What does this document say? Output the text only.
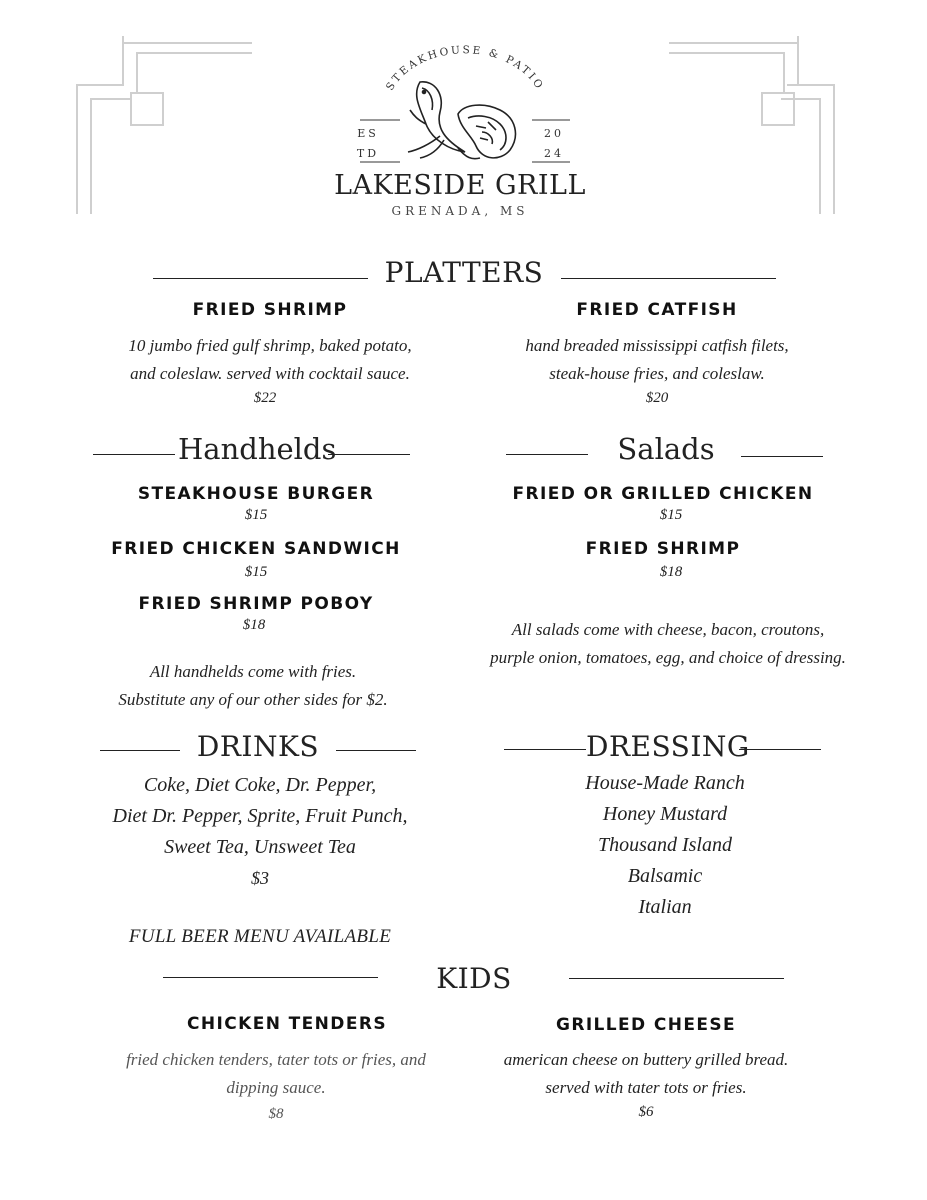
STEAKHOUSE & PATIO
ES
TD
20
24
LAKESIDE GRILL
GRENADA, MS
PLATTERS
FRIED SHRIMP
10 jumbo fried gulf shrimp, baked potato,
and coleslaw. served with cocktail sauce.
$22
FRIED CATFISH
hand breaded mississippi catfish filets,
steak-house fries, and coleslaw.
$20
Handhelds
STEAKHOUSE BURGER
$15
FRIED CHICKEN SANDWICH
$15
FRIED SHRIMP POBOY
$18
All handhelds come with fries.
Substitute any of our other sides for $2.
Salads
FRIED OR GRILLED CHICKEN
$15
FRIED SHRIMP
$18
All salads come with cheese, bacon, croutons,
purple onion, tomatoes, egg, and choice of dressing.
DRINKS
Coke, Diet Coke, Dr. Pepper,
Diet Dr. Pepper, Sprite, Fruit Punch,
Sweet Tea, Unsweet Tea
$3
FULL BEER MENU AVAILABLE
DRESSING
House-Made Ranch
Honey Mustard
Thousand Island
Balsamic
Italian
KIDS
CHICKEN TENDERS
fried chicken tenders, tater tots or fries, and
dipping sauce.
$8
GRILLED CHEESE
american cheese on buttery grilled bread.
served with tater tots or fries.
$6
